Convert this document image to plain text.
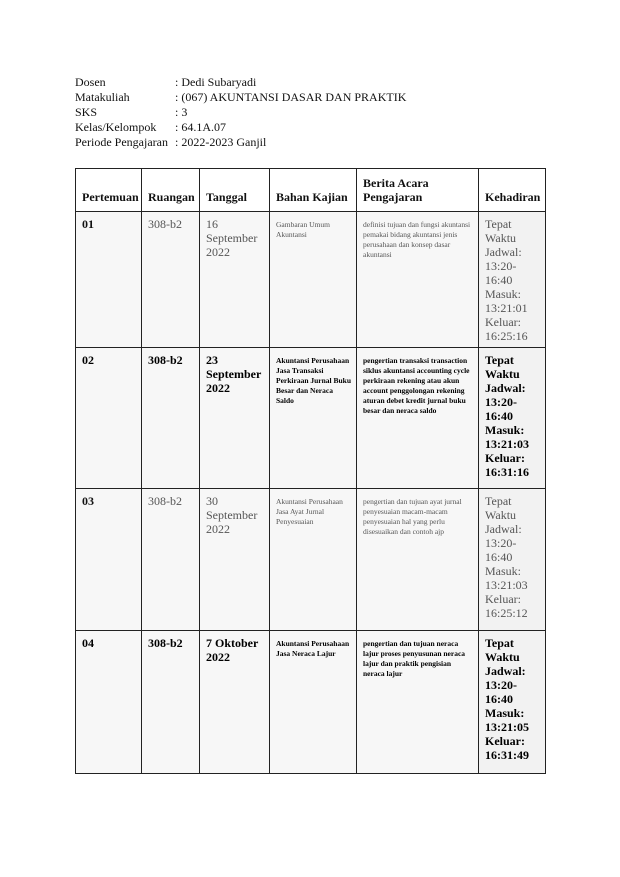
Dosen	: Dedi Subaryadi
Matakuliah	: (067) AKUNTANSI DASAR DAN PRAKTIK
SKS	: 3
Kelas/Kelompok	: 64.1A.07
Periode Pengajaran : 2022-2023 Ganjil
Pertemuan	Ruangan	Tanggal	Bahan Kajian	Berita Acara Pengajaran	Kehadiran
01	308-b2	16 September 2022	Gambaran Umum Akuntansi	definisi tujuan dan fungsi akuntansi pemakai bidang akuntansi jenis perusahaan dan konsep dasar akuntansi	Tepat Waktu
Jadwal: 13:20-16:40
Masuk: 13:21:01
Keluar: 16:25:16

02	308-b2	23 September 2022	Akuntansi Perusahaan Jasa Transaksi Perkiraan Jurnal Buku Besar dan Neraca Saldo	pengertian transaksi transaction siklus akuntansi accounting cycle perkiraan rekening atau akun account penggolongan rekening aturan debet kredit jurnal buku besar dan neraca saldo	Tepat Waktu
Jadwal: 13:20-16:40
Masuk: 13:21:03
Keluar: 16:31:16

03	308-b2	30 September 2022	Akuntansi Perusahaan Jasa Ayat Jurnal Penyesuaian	pengertian dan tujuan ayat jurnal penyesuaian macam-macam penyesuaian hal yang perlu disesuaikan dan contoh ajp	Tepat Waktu
Jadwal: 13:20-16:40
Masuk: 13:21:03
Keluar: 16:25:12

04	308-b2	7 Oktober 2022	Akuntansi Perusahaan Jasa Neraca Lajur	pengertian dan tujuan neraca lajur proses penyusunan neraca lajur dan praktik pengisian neraca lajur	Tepat Waktu
Jadwal: 13:20-16:40
Masuk: 13:21:05
Keluar: 16:31:49
